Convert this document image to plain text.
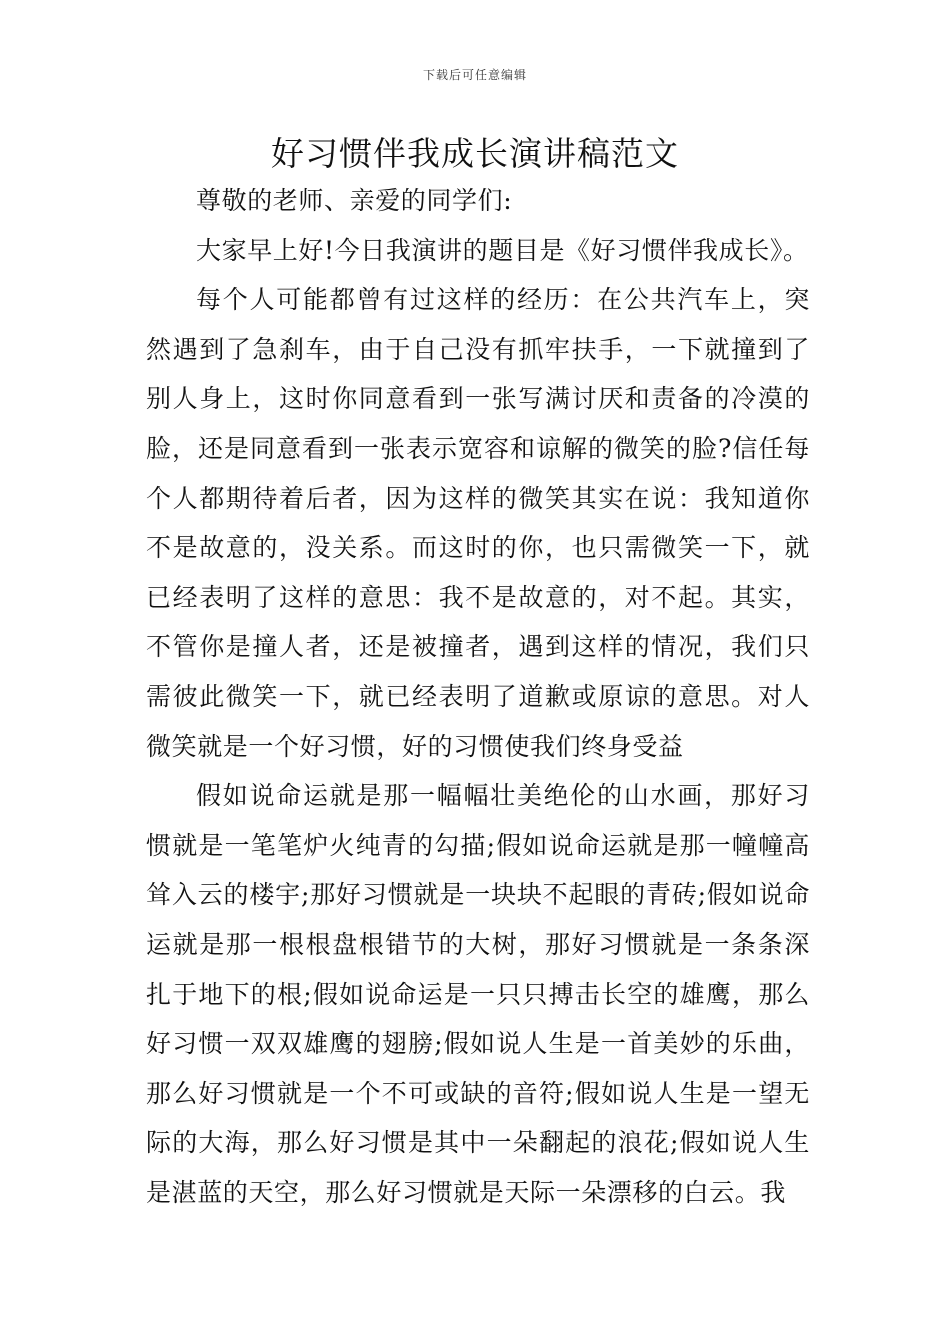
下载后可任意编辑
好习惯伴我成长演讲稿范文

尊敬的老师、亲爱的同学们:

大家早上好!今日我演讲的题目是《好习惯伴我成长》。

每个人可能都曾有过这样的经历：在公共汽车上，突然遇到了急刹车，由于自己没有抓牢扶手，一下就撞到了别人身上，这时你同意看到一张写满讨厌和责备的冷漠的脸，还是同意看到一张表示宽容和谅解的微笑的脸?信任每个人都期待着后者，因为这样的微笑其实在说：我知道你不是故意的，没关系。而这时的你，也只需微笑一下，就已经表明了这样的意思：我不是故意的，对不起。其实，不管你是撞人者，还是被撞者，遇到这样的情况，我们只需彼此微笑一下，就已经表明了道歉或原谅的意思。对人微笑就是一个好习惯，好的习惯使我们终身受益

假如说命运就是那一幅幅壮美绝伦的山水画，那好习惯就是一笔笔炉火纯青的勾描;假如说命运就是那一幢幢高耸入云的楼宇;那好习惯就是一块块不起眼的青砖;假如说命运就是那一根根盘根错节的大树，那好习惯就是一条条深扎于地下的根;假如说命运是一只只搏击长空的雄鹰，那么好习惯一双双雄鹰的翅膀;假如说人生是一首美妙的乐曲，那么好习惯就是一个不可或缺的音符;假如说人生是一望无际的大海，那么好习惯是其中一朵翻起的浪花;假如说人生是湛蓝的天空，那么好习惯就是天际一朵漂移的白云。我
